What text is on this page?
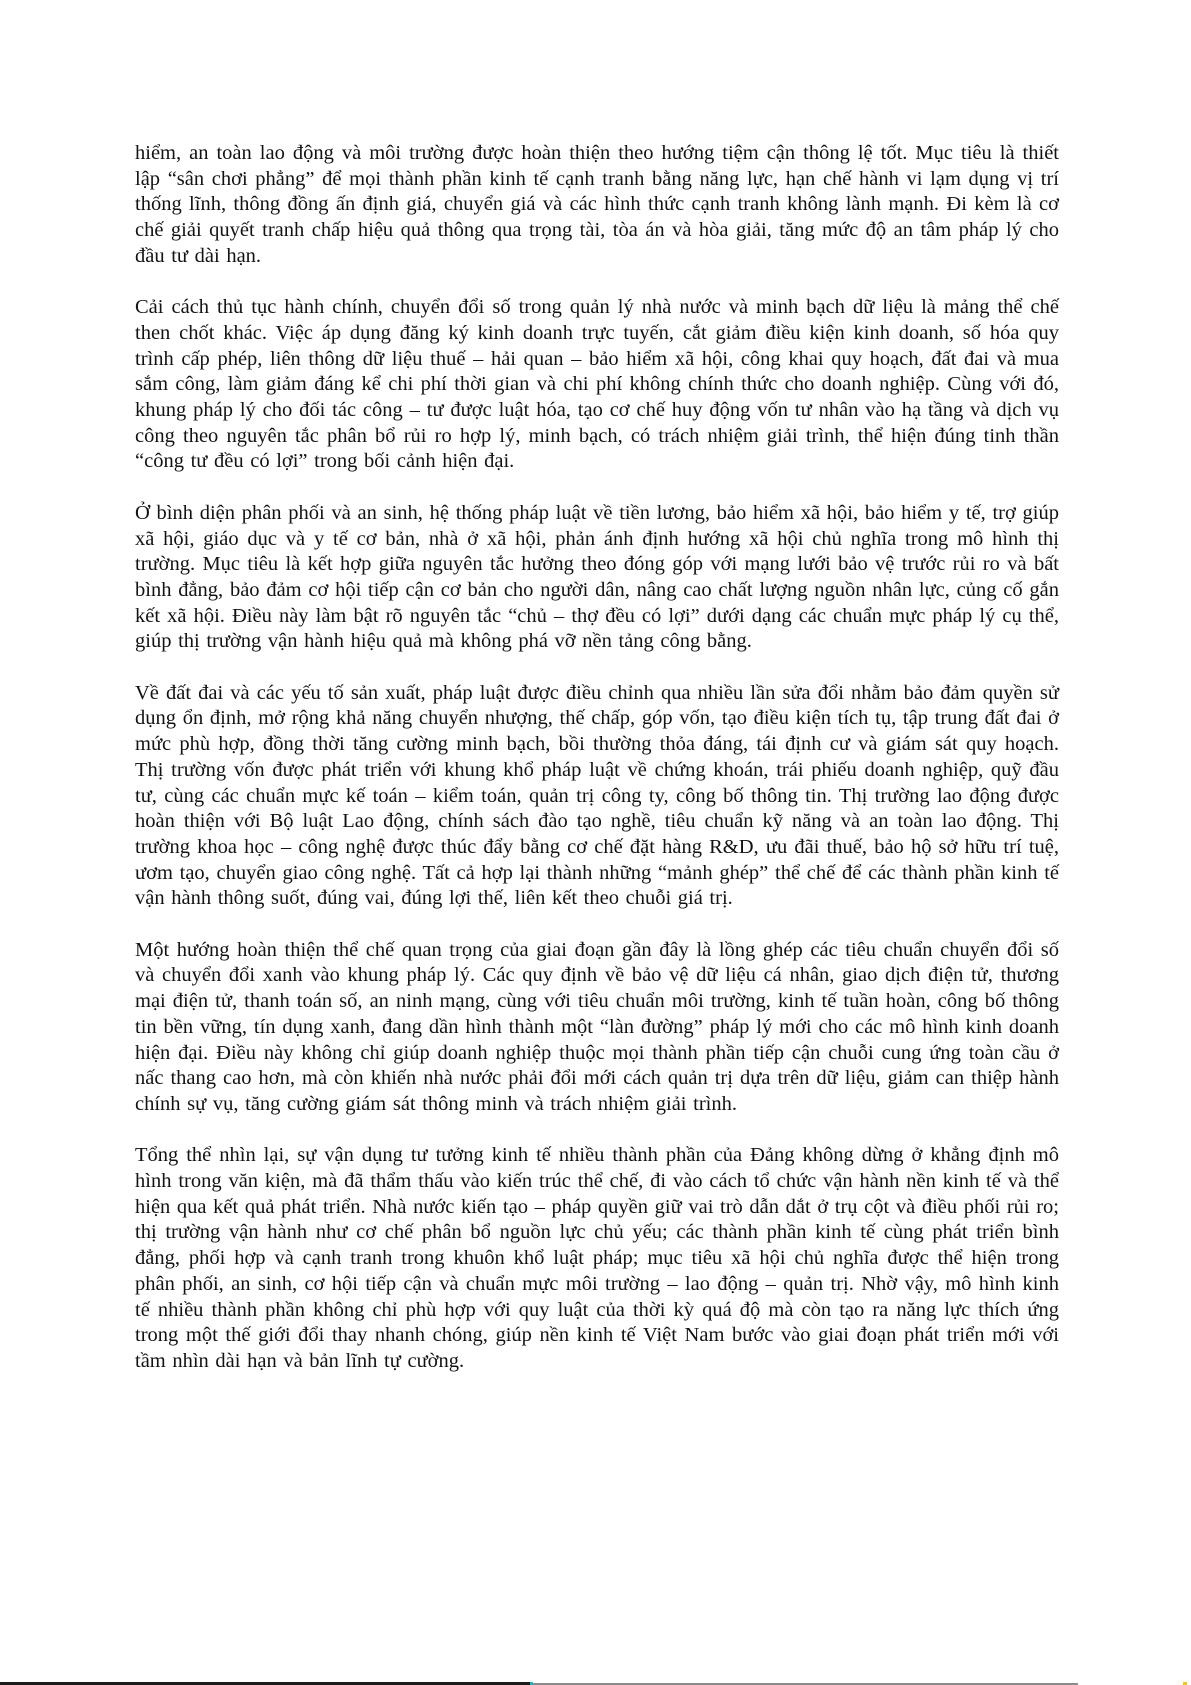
hiểm, an toàn lao động và môi trường được hoàn thiện theo hướng tiệm cận thông lệ tốt. Mục tiêu là thiết lập “sân chơi phẳng” để mọi thành phần kinh tế cạnh tranh bằng năng lực, hạn chế hành vi lạm dụng vị trí thống lĩnh, thông đồng ấn định giá, chuyển giá và các hình thức cạnh tranh không lành mạnh. Đi kèm là cơ chế giải quyết tranh chấp hiệu quả thông qua trọng tài, tòa án và hòa giải, tăng mức độ an tâm pháp lý cho đầu tư dài hạn.

Cải cách thủ tục hành chính, chuyển đổi số trong quản lý nhà nước và minh bạch dữ liệu là mảng thể chế then chốt khác. Việc áp dụng đăng ký kinh doanh trực tuyến, cắt giảm điều kiện kinh doanh, số hóa quy trình cấp phép, liên thông dữ liệu thuế – hải quan – bảo hiểm xã hội, công khai quy hoạch, đất đai và mua sắm công, làm giảm đáng kể chi phí thời gian và chi phí không chính thức cho doanh nghiệp. Cùng với đó, khung pháp lý cho đối tác công – tư được luật hóa, tạo cơ chế huy động vốn tư nhân vào hạ tầng và dịch vụ công theo nguyên tắc phân bổ rủi ro hợp lý, minh bạch, có trách nhiệm giải trình, thể hiện đúng tinh thần “công tư đều có lợi” trong bối cảnh hiện đại.

Ở bình diện phân phối và an sinh, hệ thống pháp luật về tiền lương, bảo hiểm xã hội, bảo hiểm y tế, trợ giúp xã hội, giáo dục và y tế cơ bản, nhà ở xã hội, phản ánh định hướng xã hội chủ nghĩa trong mô hình thị trường. Mục tiêu là kết hợp giữa nguyên tắc hưởng theo đóng góp với mạng lưới bảo vệ trước rủi ro và bất bình đẳng, bảo đảm cơ hội tiếp cận cơ bản cho người dân, nâng cao chất lượng nguồn nhân lực, củng cố gắn kết xã hội. Điều này làm bật rõ nguyên tắc “chủ – thợ đều có lợi” dưới dạng các chuẩn mực pháp lý cụ thể, giúp thị trường vận hành hiệu quả mà không phá vỡ nền tảng công bằng.

Về đất đai và các yếu tố sản xuất, pháp luật được điều chỉnh qua nhiều lần sửa đổi nhằm bảo đảm quyền sử dụng ổn định, mở rộng khả năng chuyển nhượng, thế chấp, góp vốn, tạo điều kiện tích tụ, tập trung đất đai ở mức phù hợp, đồng thời tăng cường minh bạch, bồi thường thỏa đáng, tái định cư và giám sát quy hoạch. Thị trường vốn được phát triển với khung khổ pháp luật về chứng khoán, trái phiếu doanh nghiệp, quỹ đầu tư, cùng các chuẩn mực kế toán – kiểm toán, quản trị công ty, công bố thông tin. Thị trường lao động được hoàn thiện với Bộ luật Lao động, chính sách đào tạo nghề, tiêu chuẩn kỹ năng và an toàn lao động. Thị trường khoa học – công nghệ được thúc đẩy bằng cơ chế đặt hàng R&D, ưu đãi thuế, bảo hộ sở hữu trí tuệ, ươm tạo, chuyển giao công nghệ. Tất cả hợp lại thành những “mảnh ghép” thể chế để các thành phần kinh tế vận hành thông suốt, đúng vai, đúng lợi thế, liên kết theo chuỗi giá trị.

Một hướng hoàn thiện thể chế quan trọng của giai đoạn gần đây là lồng ghép các tiêu chuẩn chuyển đổi số và chuyển đổi xanh vào khung pháp lý. Các quy định về bảo vệ dữ liệu cá nhân, giao dịch điện tử, thương mại điện tử, thanh toán số, an ninh mạng, cùng với tiêu chuẩn môi trường, kinh tế tuần hoàn, công bố thông tin bền vững, tín dụng xanh, đang dần hình thành một “làn đường” pháp lý mới cho các mô hình kinh doanh hiện đại. Điều này không chỉ giúp doanh nghiệp thuộc mọi thành phần tiếp cận chuỗi cung ứng toàn cầu ở nấc thang cao hơn, mà còn khiến nhà nước phải đổi mới cách quản trị dựa trên dữ liệu, giảm can thiệp hành chính sự vụ, tăng cường giám sát thông minh và trách nhiệm giải trình.

Tổng thể nhìn lại, sự vận dụng tư tưởng kinh tế nhiều thành phần của Đảng không dừng ở khẳng định mô hình trong văn kiện, mà đã thẩm thấu vào kiến trúc thể chế, đi vào cách tổ chức vận hành nền kinh tế và thể hiện qua kết quả phát triển. Nhà nước kiến tạo – pháp quyền giữ vai trò dẫn dắt ở trụ cột và điều phối rủi ro; thị trường vận hành như cơ chế phân bổ nguồn lực chủ yếu; các thành phần kinh tế cùng phát triển bình đẳng, phối hợp và cạnh tranh trong khuôn khổ luật pháp; mục tiêu xã hội chủ nghĩa được thể hiện trong phân phối, an sinh, cơ hội tiếp cận và chuẩn mực môi trường – lao động – quản trị. Nhờ vậy, mô hình kinh tế nhiều thành phần không chỉ phù hợp với quy luật của thời kỳ quá độ mà còn tạo ra năng lực thích ứng trong một thế giới đổi thay nhanh chóng, giúp nền kinh tế Việt Nam bước vào giai đoạn phát triển mới với tầm nhìn dài hạn và bản lĩnh tự cường.
